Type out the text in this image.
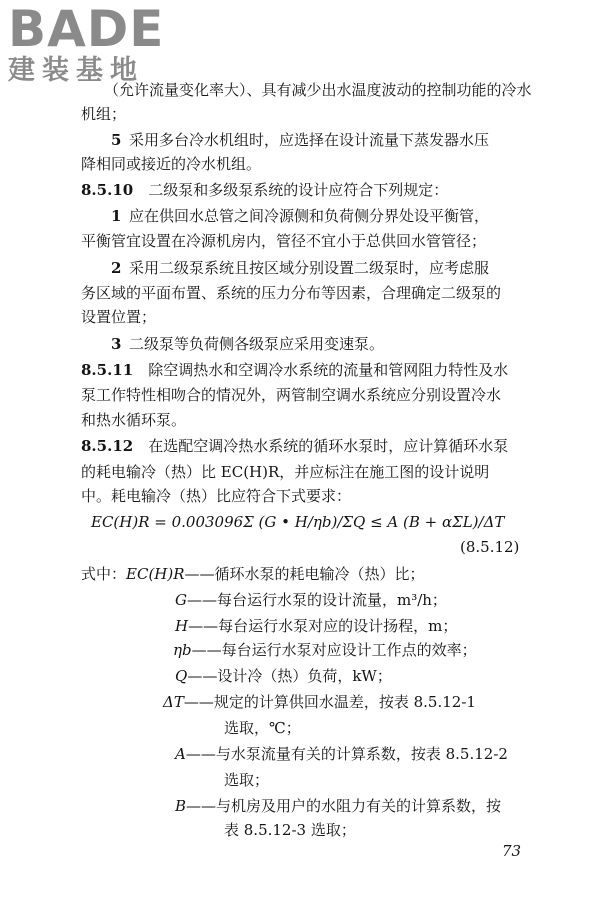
BADE
建装基地
（允许流量变化率大）、具有减少出水温度波动的控制功能的冷水
机组；
5  采用多台冷水机组时，应选择在设计流量下蒸发器水压
降相同或接近的冷水机组。
8.5.10  二级泵和多级泵系统的设计应符合下列规定：
1  应在供回水总管之间冷源侧和负荷侧分界处设平衡管，
平衡管宜设置在冷源机房内，管径不宜小于总供回水管管径；
2  采用二级泵系统且按区域分别设置二级泵时，应考虑服
务区域的平面布置、系统的压力分布等因素，合理确定二级泵的
设置位置；
3  二级泵等负荷侧各级泵应采用变速泵。
8.5.11  除空调热水和空调冷水系统的流量和管网阻力特性及水
泵工作特性相吻合的情况外，两管制空调水系统应分别设置冷水
和热水循环泵。
8.5.12  在选配空调冷热水系统的循环水泵时，应计算循环水泵
的耗电输冷（热）比 EC(H)R，并应标注在施工图的设计说明
中。耗电输冷（热）比应符合下式要求：
EC(H)R = 0.003096Σ (G • H/ηb)/ΣQ ≤ A (B + αΣL)/ΔT
(8.5.12)
式中：EC(H)R——循环水泵的耗电输冷（热）比；
G——每台运行水泵的设计流量，m³/h；
H——每台运行水泵对应的设计扬程，m；
ηb——每台运行水泵对应设计工作点的效率；
Q——设计冷（热）负荷，kW；
ΔT——规定的计算供回水温差，按表 8.5.12-1
选取，℃；
A——与水泵流量有关的计算系数，按表 8.5.12-2
选取；
B——与机房及用户的水阻力有关的计算系数，按
表 8.5.12-3 选取；
73
